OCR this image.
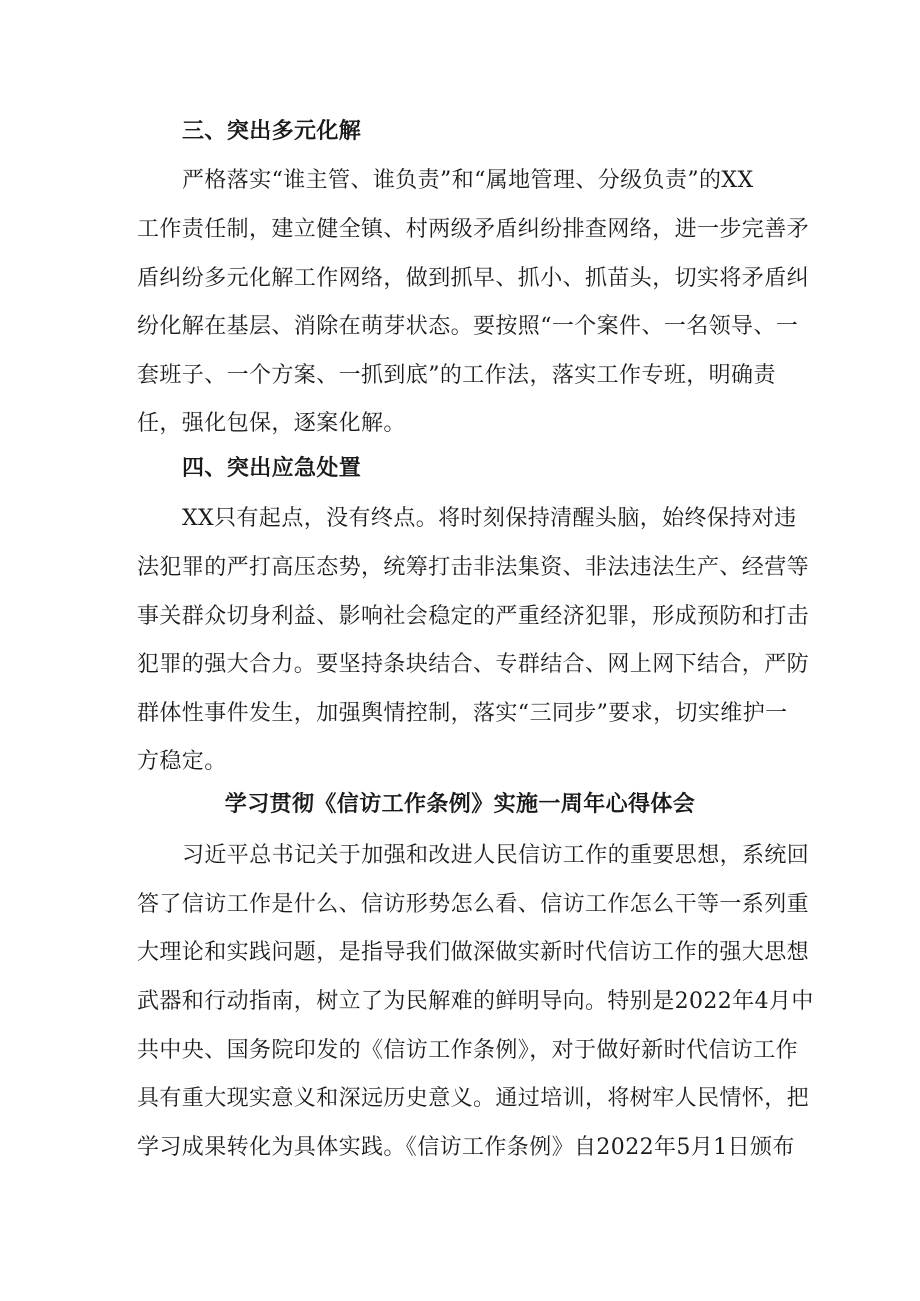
三、突出多元化解
严格落实“谁主管、谁负责”和“属地管理、分级负责”的XX
工作责任制，建立健全镇、村两级矛盾纠纷排查网络，进一步完善矛
盾纠纷多元化解工作网络，做到抓早、抓小、抓苗头，切实将矛盾纠
纷化解在基层、消除在萌芽状态。要按照“一个案件、一名领导、一
套班子、一个方案、一抓到底”的工作法，落实工作专班，明确责
任，强化包保，逐案化解。
四、突出应急处置
XX只有起点，没有终点。将时刻保持清醒头脑，始终保持对违
法犯罪的严打高压态势，统筹打击非法集资、非法违法生产、经营等
事关群众切身利益、影响社会稳定的严重经济犯罪，形成预防和打击
犯罪的强大合力。要坚持条块结合、专群结合、网上网下结合，严防
群体性事件发生，加强舆情控制，落实“三同步”要求，切实维护一
方稳定。
学习贯彻《信访工作条例》实施一周年心得体会
习近平总书记关于加强和改进人民信访工作的重要思想，系统回
答了信访工作是什么、信访形势怎么看、信访工作怎么干等一系列重
大理论和实践问题，是指导我们做深做实新时代信访工作的强大思想
武器和行动指南，树立了为民解难的鲜明导向。特别是2022年4月中
共中央、国务院印发的《信访工作条例》，对于做好新时代信访工作
具有重大现实意义和深远历史意义。通过培训，将树牢人民情怀，把
学习成果转化为具体实践。《信访工作条例》自2022年5月1日颁布
